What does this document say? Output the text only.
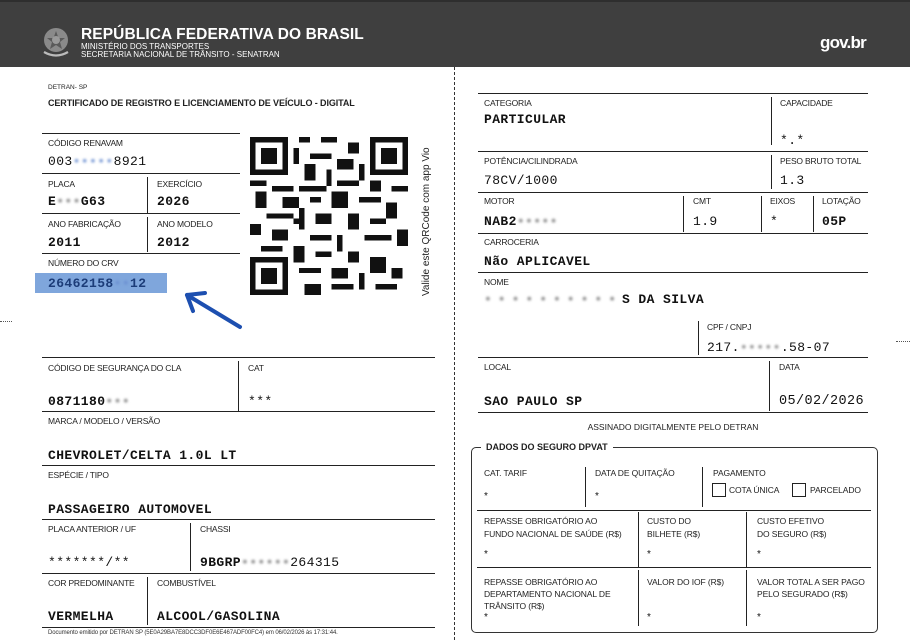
REPÚBLICA FEDERATIVA DO BRASIL
MINISTÉRIO DOS TRANSPORTES
SECRETARIA NACIONAL DE TRÂNSITO - SENATRAN
gov.br
DETRAN- SP
CERTIFICADO DE REGISTRO E LICENCIAMENTO DE VEÍCULO - DIGITAL
CÓDIGO RENAVAM
003•••••8921
PLACA
E•••G63
EXERCÍCIO
2026
ANO FABRICAÇÃO
2011
ANO MODELO
2012
NÚMERO DO CRV
26462158••12	Valide este QRCode com app Vio
CÓDIGO DE SEGURANÇA DO CLA
0871180•••
CAT
***
MARCA / MODELO / VERSÃO
CHEVROLET/CELTA 1.0L LT
ESPÉCIE / TIPO
PASSAGEIRO AUTOMOVEL
PLACA ANTERIOR / UF
*******/**
CHASSI
9BGRP••••••264315
COR PREDOMINANTE
VERMELHA
COMBUSTÍVEL
ALCOOL/GASOLINA
Documento emitido por DETRAN SP (5E0A29BA7E8DCC3DF0E6E467ADF00FC4) em 06/02/2026 às 17:31:44.
CATEGORIA
PARTICULAR
CAPACIDADE
*.*
POTÊNCIA/CILINDRADA
78CV/1000
PESO BRUTO TOTAL
1.3
MOTOR
NAB2•••••
CMT
1.9
EIXOS
*
LOTAÇÃO
05P
CARROCERIA
Não APLICAVEL
NOME
••••••••••S DA SILVA
CPF / CNPJ
217.•••••.58-07
LOCAL
SAO PAULO SP
DATA
05/02/2026
ASSINADO DIGITALMENTE PELO DETRAN
DADOS DO SEGURO DPVAT
CAT. TARIF
*
DATA DE QUITAÇÃO
*
PAGAMENTO
COTA ÚNICA	PARCELADO
REPASSE OBRIGATÓRIO AO
FUNDO NACIONAL DE SAÚDE (R$)
*
CUSTO DO
BILHETE (R$)
*
CUSTO EFETIVO
DO SEGURO (R$)
*
REPASSE OBRIGATÓRIO AO
DEPARTAMENTO NACIONAL DE
TRÂNSITO (R$)
*
VALOR DO IOF (R$)
*
VALOR TOTAL A SER PAGO
PELO SEGURADO (R$)
*
